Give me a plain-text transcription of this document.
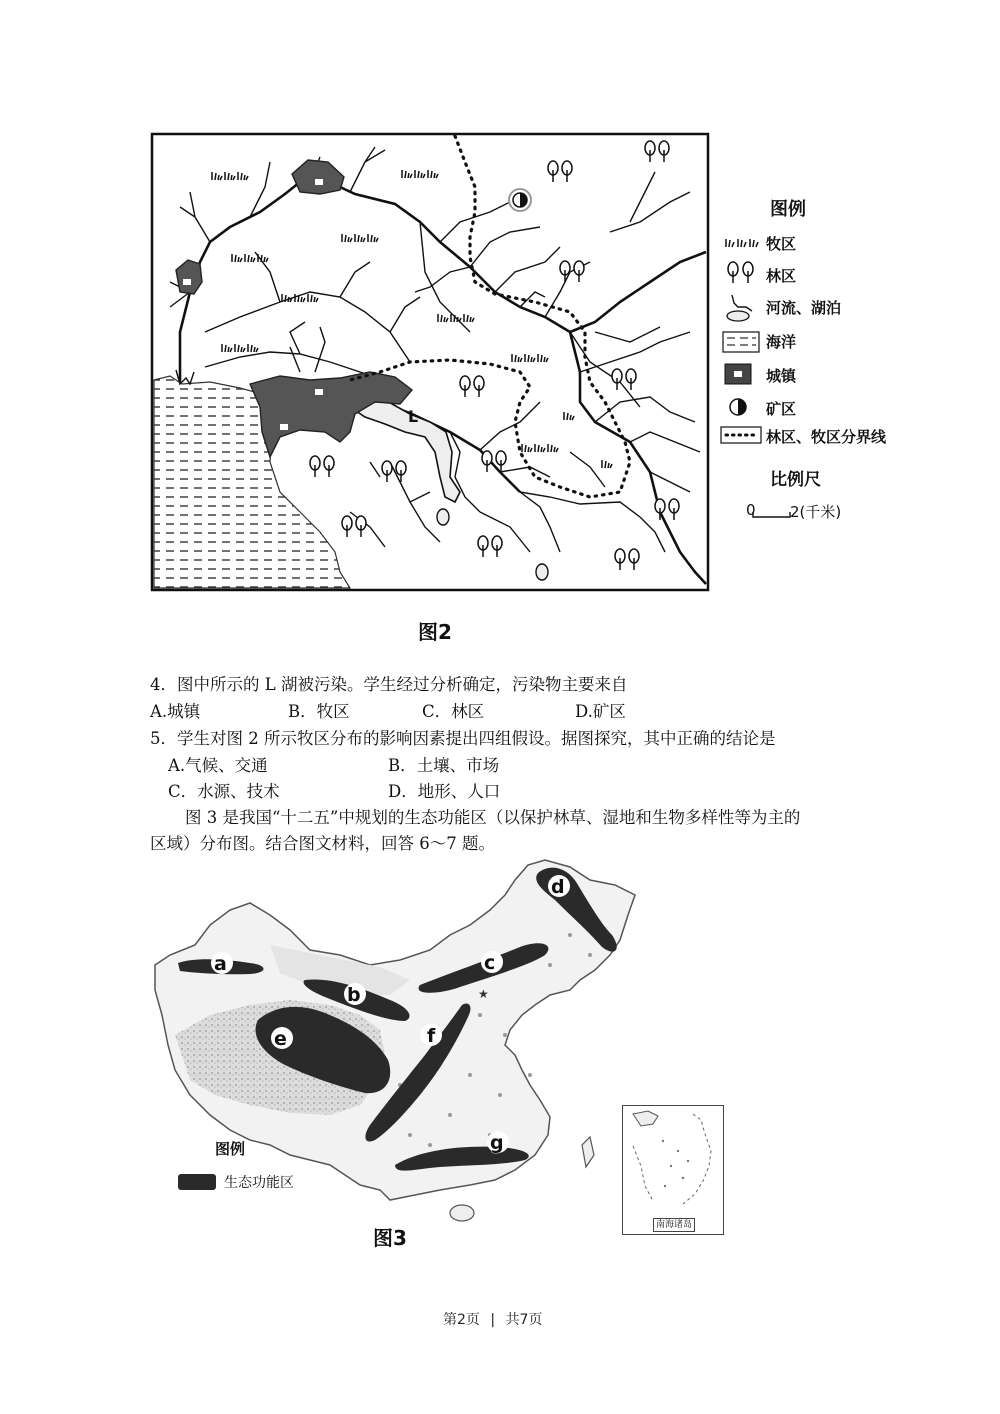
L
图例
牧区
林区
河流、湖泊
海洋
城镇
矿区
林区、牧区分界线
比例尺
0 2(千米)
图2
4．图中所示的 L 湖被污染。学生经过分析确定，污染物主要来自
A.城镇	B．牧区	C．林区	D.矿区
5．学生对图 2 所示牧区分布的影响因素提出四组假设。据图探究，其中正确的结论是
A.气候、交通	B．土壤、市场
C．水源、技术	D．地形、人口
图 3 是我国“十二五”中规划的生态功能区（以保护林草、湿地和生物多样性等为主的
区域）分布图。结合图文材料，回答 6～7 题。
★
a
b
c
d
e	f
g
图例
生态功能区
南海诸岛
图3
第2页 | 共7页
